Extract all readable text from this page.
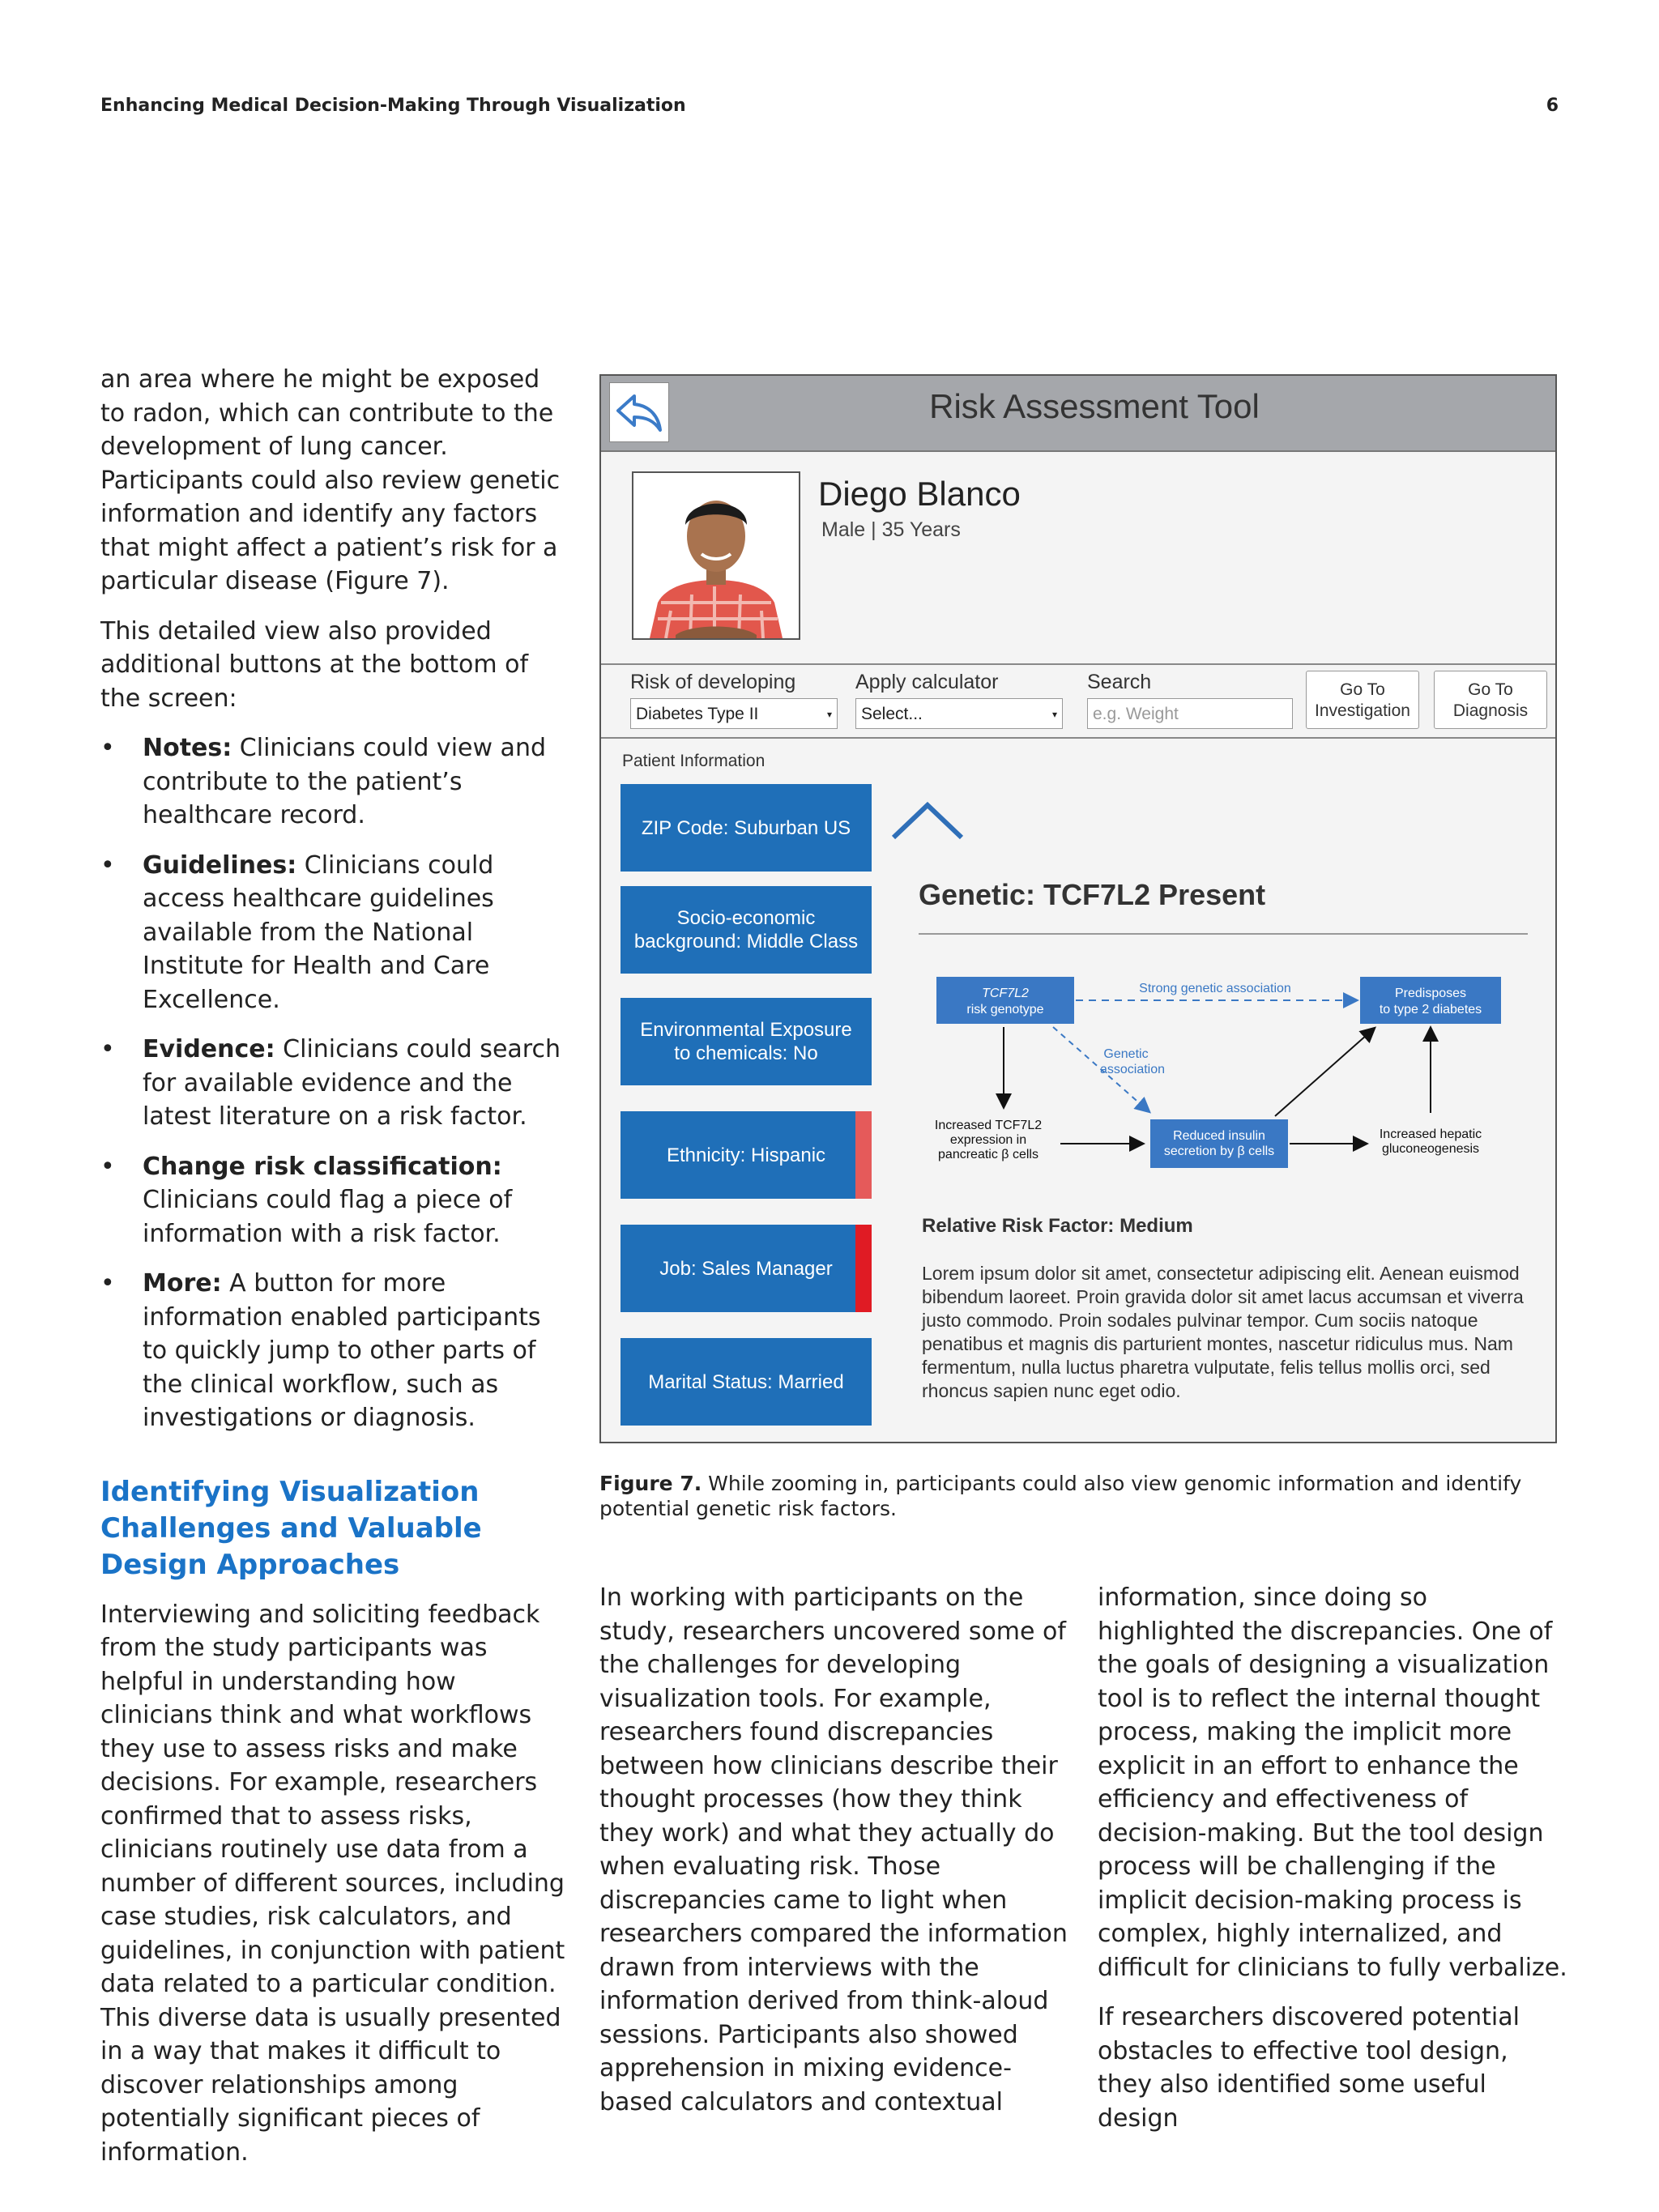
Enhancing Medical Decision-Making Through Visualization	6

an area where he might be exposed to radon, which can contribute to the development of lung cancer. Participants could also review genetic information and identify any factors that might affect a patient’s risk for a particular disease (Figure 7).

This detailed view also provided additional buttons at the bottom of the screen:

• Notes: Clinicians could view and contribute to the patient’s healthcare record.
• Guidelines: Clinicians could access healthcare guidelines available from the National Institute for Health and Care Excellence.
• Evidence: Clinicians could search for available evidence and the latest literature on a risk factor.
• Change risk classification: Clinicians could flag a piece of information with a risk factor.
• More: A button for more information enabled participants to quickly jump to other parts of the clinical workflow, such as investigations or diagnosis.
Identifying Visualization Challenges and Valuable Design Approaches

Interviewing and soliciting feedback from the study participants was helpful in understanding how clinicians think and what workflows they use to assess risks and make decisions. For example, researchers confirmed that to assess risks, clinicians routinely use data from a number of different sources, including case studies, risk calculators, and guidelines, in conjunction with patient data related to a particular condition. This diverse data is usually presented in a way that makes it difficult to discover relationships among potentially significant pieces of information.

Risk Assessment Tool
Diego Blanco
Male | 35 Years
Risk of developing
Diabetes Type II	▾
Apply calculator
Select...	▾
Search
e.g. Weight
Go To Investigation
Go To Diagnosis
Patient Information
ZIP Code: Suburban US
Socio-economic background: Middle Class
Environmental Exposure to chemicals: No
Ethnicity: Hispanic
Job: Sales Manager
Marital Status: Married
Genetic: TCF7L2 Present
TCF7L2
risk genotype
Predisposes
to type 2 diabetes
Strong genetic association
Genetic
association
Increased TCF7L2
expression in
pancreatic β cells
Reduced insulin
secretion by β cells
Increased hepatic
gluconeogenesis
Relative Risk Factor: Medium
Lorem ipsum dolor sit amet, consectetur adipiscing elit. Aenean euismod bibendum laoreet. Proin gravida dolor sit amet lacus accumsan et viverra justo commodo. Proin sodales pulvinar tempor. Cum sociis natoque penatibus et magnis dis parturient montes, nascetur ridiculus mus. Nam fermentum, nulla luctus pharetra vulputate, felis tellus mollis orci, sed rhoncus sapien nunc eget odio.
Figure 7. While zooming in, participants could also view genomic information and identify potential genetic risk factors.

In working with participants on the study, researchers uncovered some of the challenges for developing visualization tools. For example, researchers found discrepancies between how clinicians describe their thought processes (how they think they work) and what they actually do when evaluating risk. Those discrepancies came to light when researchers compared the information drawn from interviews with the information derived from think-aloud sessions. Participants also showed apprehension in mixing evidence-based calculators and contextual

information, since doing so highlighted the discrepancies. One of the goals of designing a visualization tool is to reflect the internal thought process, making the implicit more explicit in an effort to enhance the efficiency and effectiveness of decision-making. But the tool design process will be challenging if the implicit decision-making process is complex, highly internalized, and difficult for clinicians to fully verbalize.

If researchers discovered potential obstacles to effective tool design, they also identified some useful design
